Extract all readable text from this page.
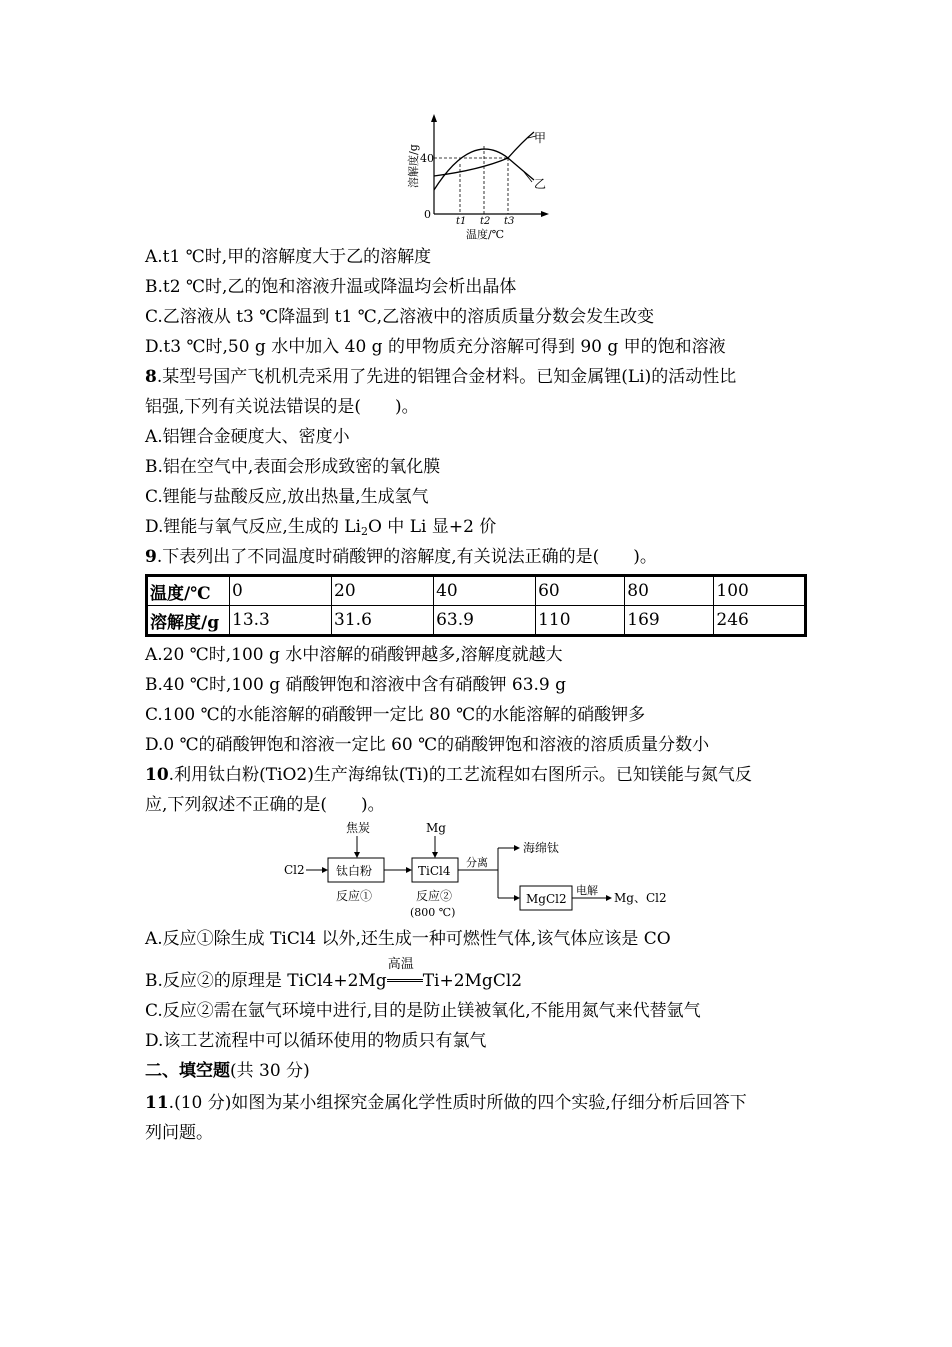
溶解度/g 40
0
t1 t2 t3
温度/℃
甲
乙
A.t1 ℃时,甲的溶解度大于乙的溶解度
B.t2 ℃时,乙的饱和溶液升温或降温均会析出晶体
C.乙溶液从 t3 ℃降温到 t1 ℃,乙溶液中的溶质质量分数会发生改变
D.t3 ℃时,50 g 水中加入 40 g 的甲物质充分溶解可得到 90 g 甲的饱和溶液
8.某型号国产飞机机壳采用了先进的铝锂合金材料。已知金属锂(Li)的活动性比
铝强,下列有关说法错误的是(　　)。
A.铝锂合金硬度大、密度小
B.铝在空气中,表面会形成致密的氧化膜
C.锂能与盐酸反应,放出热量,生成氢气
D.锂能与氧气反应,生成的 $Li_2O$ 中 Li 显+2 价
9.下表列出了不同温度时硝酸钾的溶解度,有关说法正确的是(　　)。
温度/℃	0	20	40	60	80	100
溶解度/g	13.3	31.6	63.9	110	169	246
A.20 ℃时,100 g 水中溶解的硝酸钾越多,溶解度就越大
B.40 ℃时,100 g 硝酸钾饱和溶液中含有硝酸钾 63.9 g
C.100 ℃的水能溶解的硝酸钾一定比 80 ℃的水能溶解的硝酸钾多
D.0 ℃的硝酸钾饱和溶液一定比 60 ℃的硝酸钾饱和溶液的溶质质量分数小
10.利用钛白粉(TiO2)生产海绵钛(Ti)的工艺流程如右图所示。已知镁能与氮气反
应,下列叙述不正确的是(　　)。
Cl2
焦炭
钛白粉
反应①
Mg
TiCl4
反应②
(800 ℃)
分离
海绵钛
MgCl2
电解
Mg、Cl2
A.反应①除生成 TiCl4 以外,还生成一种可燃性气体,该气体应该是 CO
B.反应②的原理是 TiCl4+2Mg
高温
Ti+2MgCl2
C.反应②需在氩气环境中进行,目的是防止镁被氧化,不能用氮气来代替氩气
D.该工艺流程中可以循环使用的物质只有氯气
二、填空题(共 30 分)
11.(10 分)如图为某小组探究金属化学性质时所做的四个实验,仔细分析后回答下
列问题。
